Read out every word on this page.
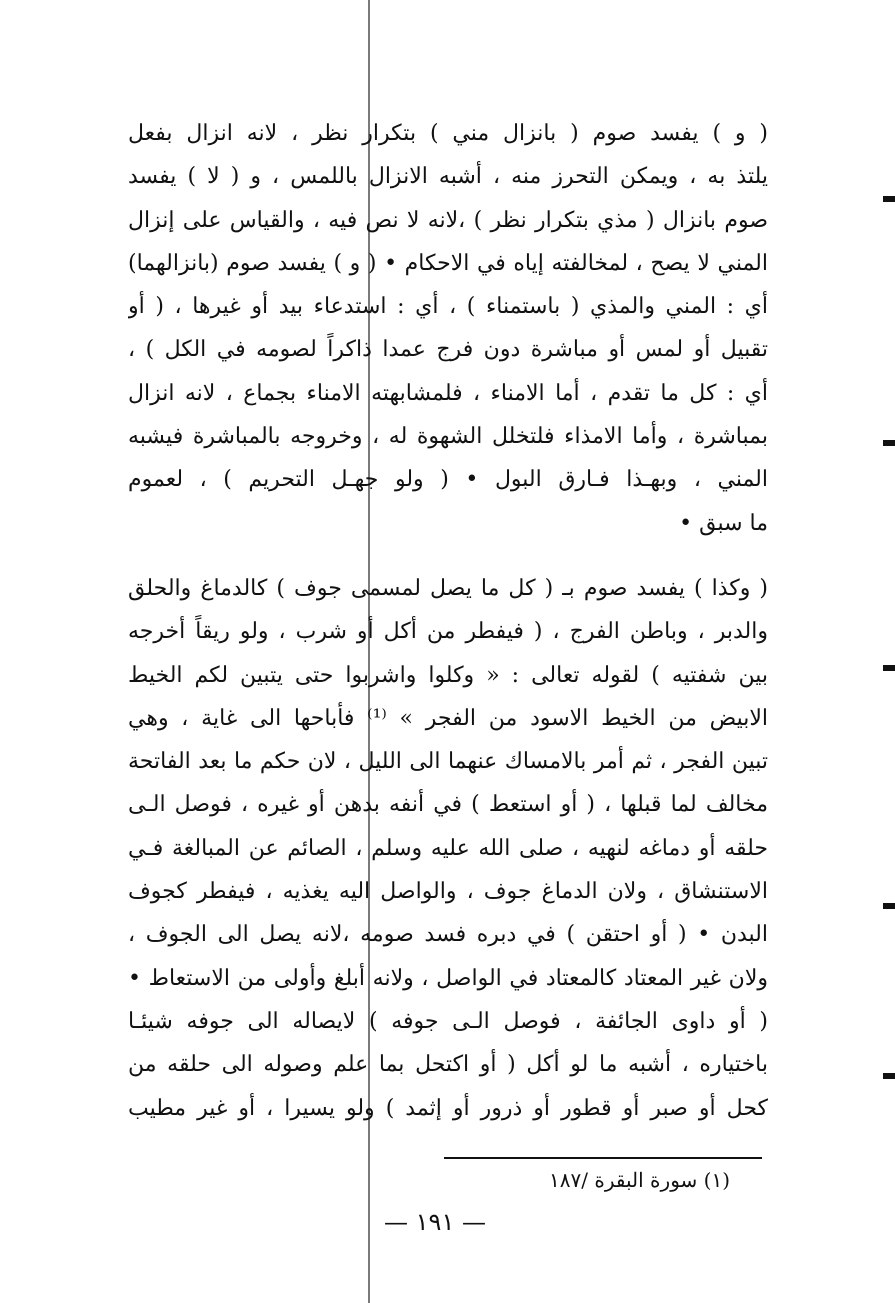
( و ) يفسد صوم ( بانزال مني ) بتكرار نظر ، لانه انزال بفعل
يلتذ به ، ويمكن التحرز منه ، أشبه الانزال باللمس ، و ( لا ) يفسد
صوم بانزال ( مذي بتكرار نظر ) ،لانه لا نص فيه ، والقياس على إنزال
المني لا يصح ، لمخالفته إياه في الاحكام • ( و ) يفسد صوم (بانزالهما)
أي : المني والمذي ( باستمناء ) ، أي : استدعاء بيد أو غيرها ، ( أو
تقبيل أو لمس أو مباشرة دون فرج عمدا ذاكراً لصومه في الكل ) ،
أي : كل ما تقدم ، أما الامناء ، فلمشابهته الامناء بجماع ، لانه انزال
بمباشرة ، وأما الامذاء فلتخلل الشهوة له ، وخروجه بالمباشرة فيشبه
المني ، وبهـذا فـارق البول • ( ولو جهـل التحريم ) ، لعموم
ما سبق •
( وكذا ) يفسد صوم بـ ( كل ما يصل لمسمى جوف ) كالدماغ والحلق
والدبر ، وباطن الفرج ، ( فيفطر من أكل أو شرب ، ولو ريقاً أخرجه
بين شفتيه ) لقوله تعالى : « وكلوا واشربوا حتى يتبين لكم الخيط
الابيض من الخيط الاسود من الفجر » ⁽¹⁾ فأباحها الى غاية ، وهي
تبين الفجر ، ثم أمر بالامساك عنهما الى الليل ، لان حكم ما بعد الفاتحة
مخالف لما قبلها ، ( أو استعط ) في أنفه بدهن أو غيره ، فوصل الـى
حلقه أو دماغه لنهيه ، صلى الله عليه وسلم ، الصائم عن المبالغة فـي
الاستنشاق ، ولان الدماغ جوف ، والواصل اليه يغذيه ، فيفطر كجوف
البدن • ( أو احتقن ) في دبره فسد صومه ،لانه يصل الى الجوف ،
ولان غير المعتاد كالمعتاد في الواصل ، ولانه أبلغ وأولى من الاستعاط •
( أو داوى الجائفة ، فوصل الـى جوفه ) لايصاله الى جوفه شيئـا
باختياره ، أشبه ما لو أكل ( أو اكتحل بما علم وصوله الى حلقه من
كحل أو صبر أو قطور أو ذرور أو إثمد ) ولو يسيرا ، أو غير مطيب
(١) سورة البقرة /١٨٧
— ١٩١ —
